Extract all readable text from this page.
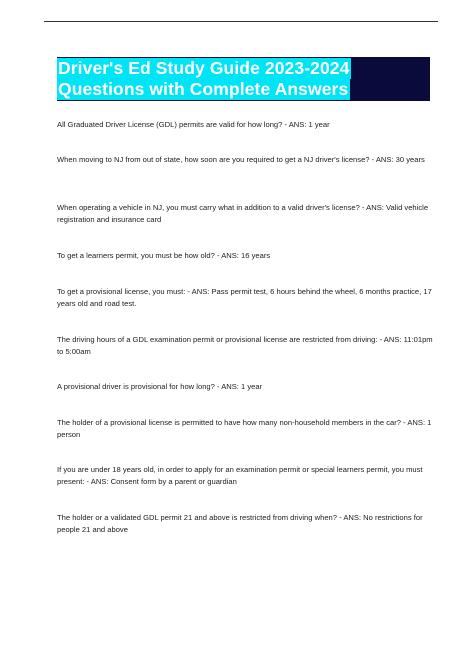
Driver's Ed Study Guide 2023-2024
Questions with Complete Answers

All Graduated Driver License (GDL) permits are valid for how long? - ANS: 1 year

When moving to NJ from out of state, how soon are you required to get a NJ driver's license? - ANS: 30 years

When operating a vehicle in NJ, you must carry what in addition to a valid driver's license? - ANS: Valid vehicle registration and insurance card

To get a learners permit, you must be how old? - ANS: 16 years

To get a provisional license, you must: - ANS: Pass permit test, 6 hours behind the wheel, 6 months practice, 17 years old and road test.

The driving hours of a GDL examination permit or provisional license are restricted from driving: - ANS: 11:01pm to 5:00am

A provisional driver is provisional for how long? - ANS: 1 year

The holder of a provisional license is permitted to have how many non-household members in the car? - ANS: 1 person

If you are under 18 years old, in order to apply for an examination permit or special learners permit, you must present: - ANS: Consent form by a parent or guardian

The holder or a validated GDL permit 21 and above is restricted from driving when? - ANS: No restrictions for people 21 and above
